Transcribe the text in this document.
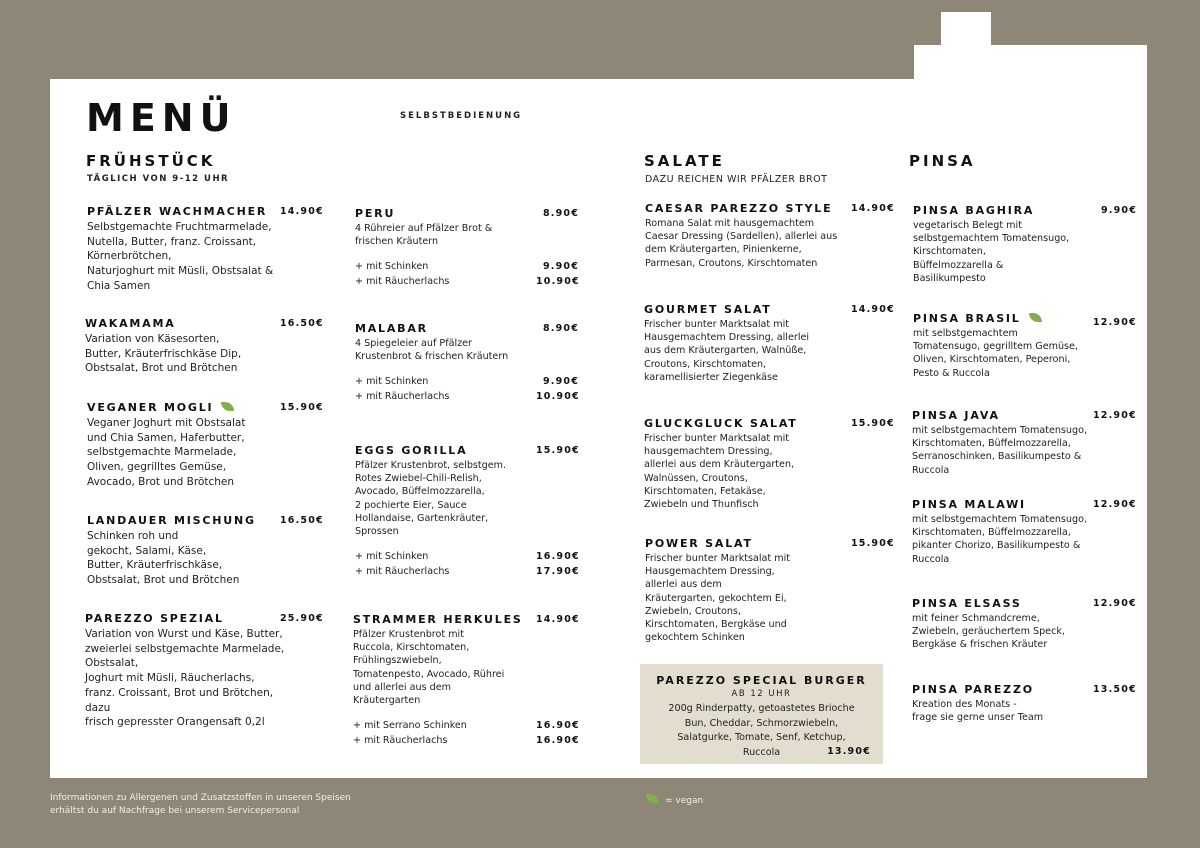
MENÜ	SELBSTBEDIENUNG
FRÜHSTÜCK
TÄGLICH VON 9-12 UHR
PFÄLZER WACHMACHER	14.90€
Selbstgemachte Fruchtmarmelade,
Nutella, Butter, franz. Croissant,
Körnerbrötchen,
Naturjoghurt mit Müsli, Obstsalat &
Chia Samen
WAKAMAMA	16.50€
Variation von Käsesorten,
Butter, Kräuterfrischkäse Dip,
Obstsalat, Brot und Brötchen
VEGANER MOGLI	15.90€
Veganer Joghurt mit Obstsalat
und Chia Samen, Haferbutter,
selbstgemachte Marmelade,
Oliven, gegrilltes Gemüse,
Avocado, Brot und Brötchen
LANDAUER MISCHUNG	16.50€
Schinken roh und
gekocht, Salami, Käse,
Butter, Kräuterfrischkäse,
Obstsalat, Brot und Brötchen
PAREZZO SPEZIAL	25.90€
Variation von Wurst und Käse, Butter,
zweierlei selbstgemachte Marmelade,
Obstsalat,
Joghurt mit Müsli, Räucherlachs,
franz. Croissant, Brot und Brötchen,
dazu
frisch gepresster Orangensaft 0,2l
PERU	8.90€
4 Rühreier auf Pfälzer Brot &
frischen Kräutern
+ mit Schinken	9.90€
+ mit Räucherlachs	10.90€
MALABAR	8.90€
4 Spiegeleier auf Pfälzer
Krustenbrot & frischen Kräutern
+ mit Schinken	9.90€
+ mit Räucherlachs	10.90€
EGGS GORILLA	15.90€
Pfälzer Krustenbrot, selbstgem.
Rotes Zwiebel-Chili-Relish,
Avocado, Büffelmozzarella,
2 pochierte Eier, Sauce
Hollandaise, Gartenkräuter,
Sprossen
+ mit Schinken	16.90€
+ mit Räucherlachs	17.90€
STRAMMER HERKULES	14.90€
Pfälzer Krustenbrot mit
Ruccola, Kirschtomaten,
Frühlingszwiebeln,
Tomatenpesto, Avocado, Rührei
und allerlei aus dem
Kräutergarten
+ mit Serrano Schinken	16.90€
+ mit Räucherlachs	16.90€
SALATE
DAZU REICHEN WIR PFÄLZER BROT
CAESAR PAREZZO STYLE	14.90€
Romana Salat mit hausgemachtem
Caesar Dressing (Sardellen), allerlei aus
dem Kräutergarten, Pinienkerne,
Parmesan, Croutons, Kirschtomaten
GOURMET SALAT	14.90€
Frischer bunter Marktsalat mit
Hausgemachtem Dressing, allerlei
aus dem Kräutergarten, Walnüße,
Croutons, Kirschtomaten,
karamellisierter Ziegenkäse
GLUCKGLUCK SALAT	15.90€
Frischer bunter Marktsalat mit
hausgemachtem Dressing,
allerlei aus dem Kräutergarten,
Walnüssen, Croutons,
Kirschtomaten, Fetakäse,
Zwiebeln und Thunfisch
POWER SALAT	15.90€
Frischer bunter Marktsalat mit
Hausgemachtem Dressing,
allerlei aus dem
Kräutergarten, gekochtem Ei,
Zwiebeln, Croutons,
Kirschtomaten, Bergkäse und
gekochtem Schinken
PAREZZO SPECIAL BURGER
AB 12 UHR
200g Rinderpatty, getoastetes Brioche
Bun, Cheddar, Schmorzwiebeln,
Salatgurke, Tomate, Senf, Ketchup,
Ruccola	13.90€
PINSA
PINSA BAGHIRA	9.90€
vegetarisch Belegt mit
selbstgemachtem Tomatensugo,
Kirschtomaten,
Büffelmozzarella &
Basilikumpesto
PINSA BRASIL	12.90€
mit selbstgemachtem
Tomatensugo, gegrilltem Gemüse,
Oliven, Kirschtomaten, Peperoni,
Pesto & Ruccola
PINSA JAVA	12.90€
mit selbstgemachtem Tomatensugo,
Kirschtomaten, Büffelmozzarella,
Serranoschinken, Basilikumpesto &
Ruccola
PINSA MALAWI	12.90€
mit selbstgemachtem Tomatensugo,
Kirschtomaten, Büffelmozzarella,
pikanter Chorizo, Basilikumpesto &
Ruccola
PINSA ELSASS	12.90€
mit feiner Schmandcreme,
Zwiebeln, geräuchertem Speck,
Bergkäse & frischen Kräuter
PINSA PAREZZO	13.50€
Kreation des Monats -
frage sie gerne unser Team
Informationen zu Allergenen und Zusatzstoffen in unseren Speisen
erhältst du auf Nachfrage bei unserem Servicepersonal
= vegan
